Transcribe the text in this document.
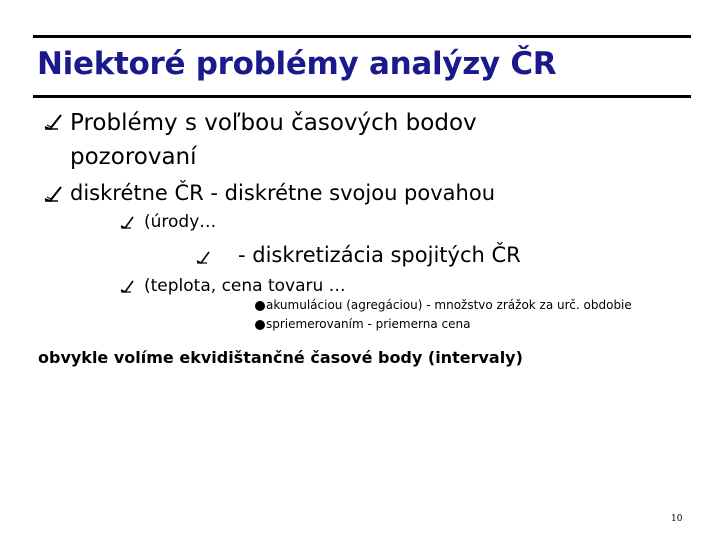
Niektoré problémy analýzy ČR
Problémy s voľbou časových bodov
pozorovaní
diskrétne ČR - diskrétne svojou povahou
(úrody…
- diskretizácia spojitých ČR
(teplota, cena tovaru …
akumuláciou (agregáciou) - množstvo zrážok za urč. obdobie
spriemerovaním - priemerna cena
obvykle volíme ekvidištančné časové body (intervaly)
10
